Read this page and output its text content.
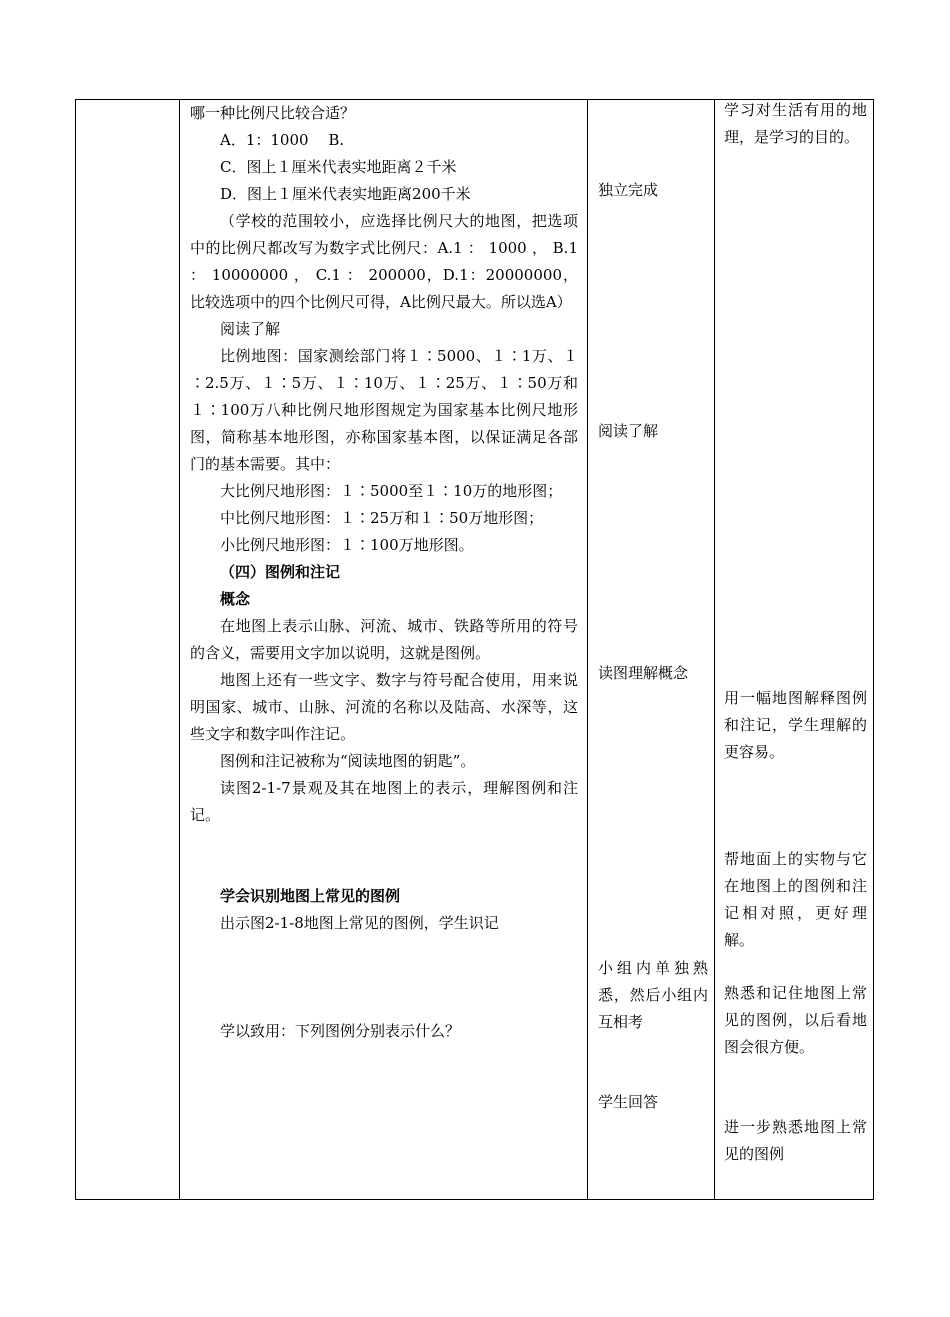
哪一种比例尺比较合适？

A．1：1000　 B.

C．图上１厘米代表实地距离２千米

D．图上１厘米代表实地距离200千米

（学校的范围较小，应选择比例尺大的地图，把选项中的比例尺都改写为数字式比例尺：A.1 ： 1000 ， B.1 ： 10000000 ， C.1 ： 200000，D.1：20000000，比较选项中的四个比例尺可得，A比例尺最大。所以选A）

阅读了解

比例地图：国家测绘部门将１∶5000、１∶1万、１∶2.5万、１∶5万、１∶10万、１∶25万、１∶50万和１∶100万八种比例尺地形图规定为国家基本比例尺地形图，简称基本地形图，亦称国家基本图，以保证满足各部门的基本需要。其中：

大比例尺地形图：１∶5000至１∶10万的地形图；

中比例尺地形图：１∶25万和１∶50万地形图；

小比例尺地形图：１∶100万地形图。

（四）图例和注记

概念

在地图上表示山脉、河流、城市、铁路等所用的符号的含义，需要用文字加以说明，这就是图例。

地图上还有一些文字、数字与符号配合使用，用来说明国家、城市、山脉、河流的名称以及陆高、水深等，这些文字和数字叫作注记。

图例和注记被称为“阅读地图的钥匙”。

读图2-1-7景观及其在地图上的表示，理解图例和注记。

学会识别地图上常见的图例

出示图2-1-8地图上常见的图例，学生识记

学以致用：下列图例分别表示什么？

独立完成

阅读了解

读图理解概念

小组内单独熟悉，然后小组内互相考

学生回答

学习对生活有用的地理，是学习的目的。

用一幅地图解释图例和注记，学生理解的更容易。

帮地面上的实物与它在地图上的图例和注记相对照，更好理解。

熟悉和记住地图上常见的图例，以后看地图会很方便。

进一步熟悉地图上常见的图例
